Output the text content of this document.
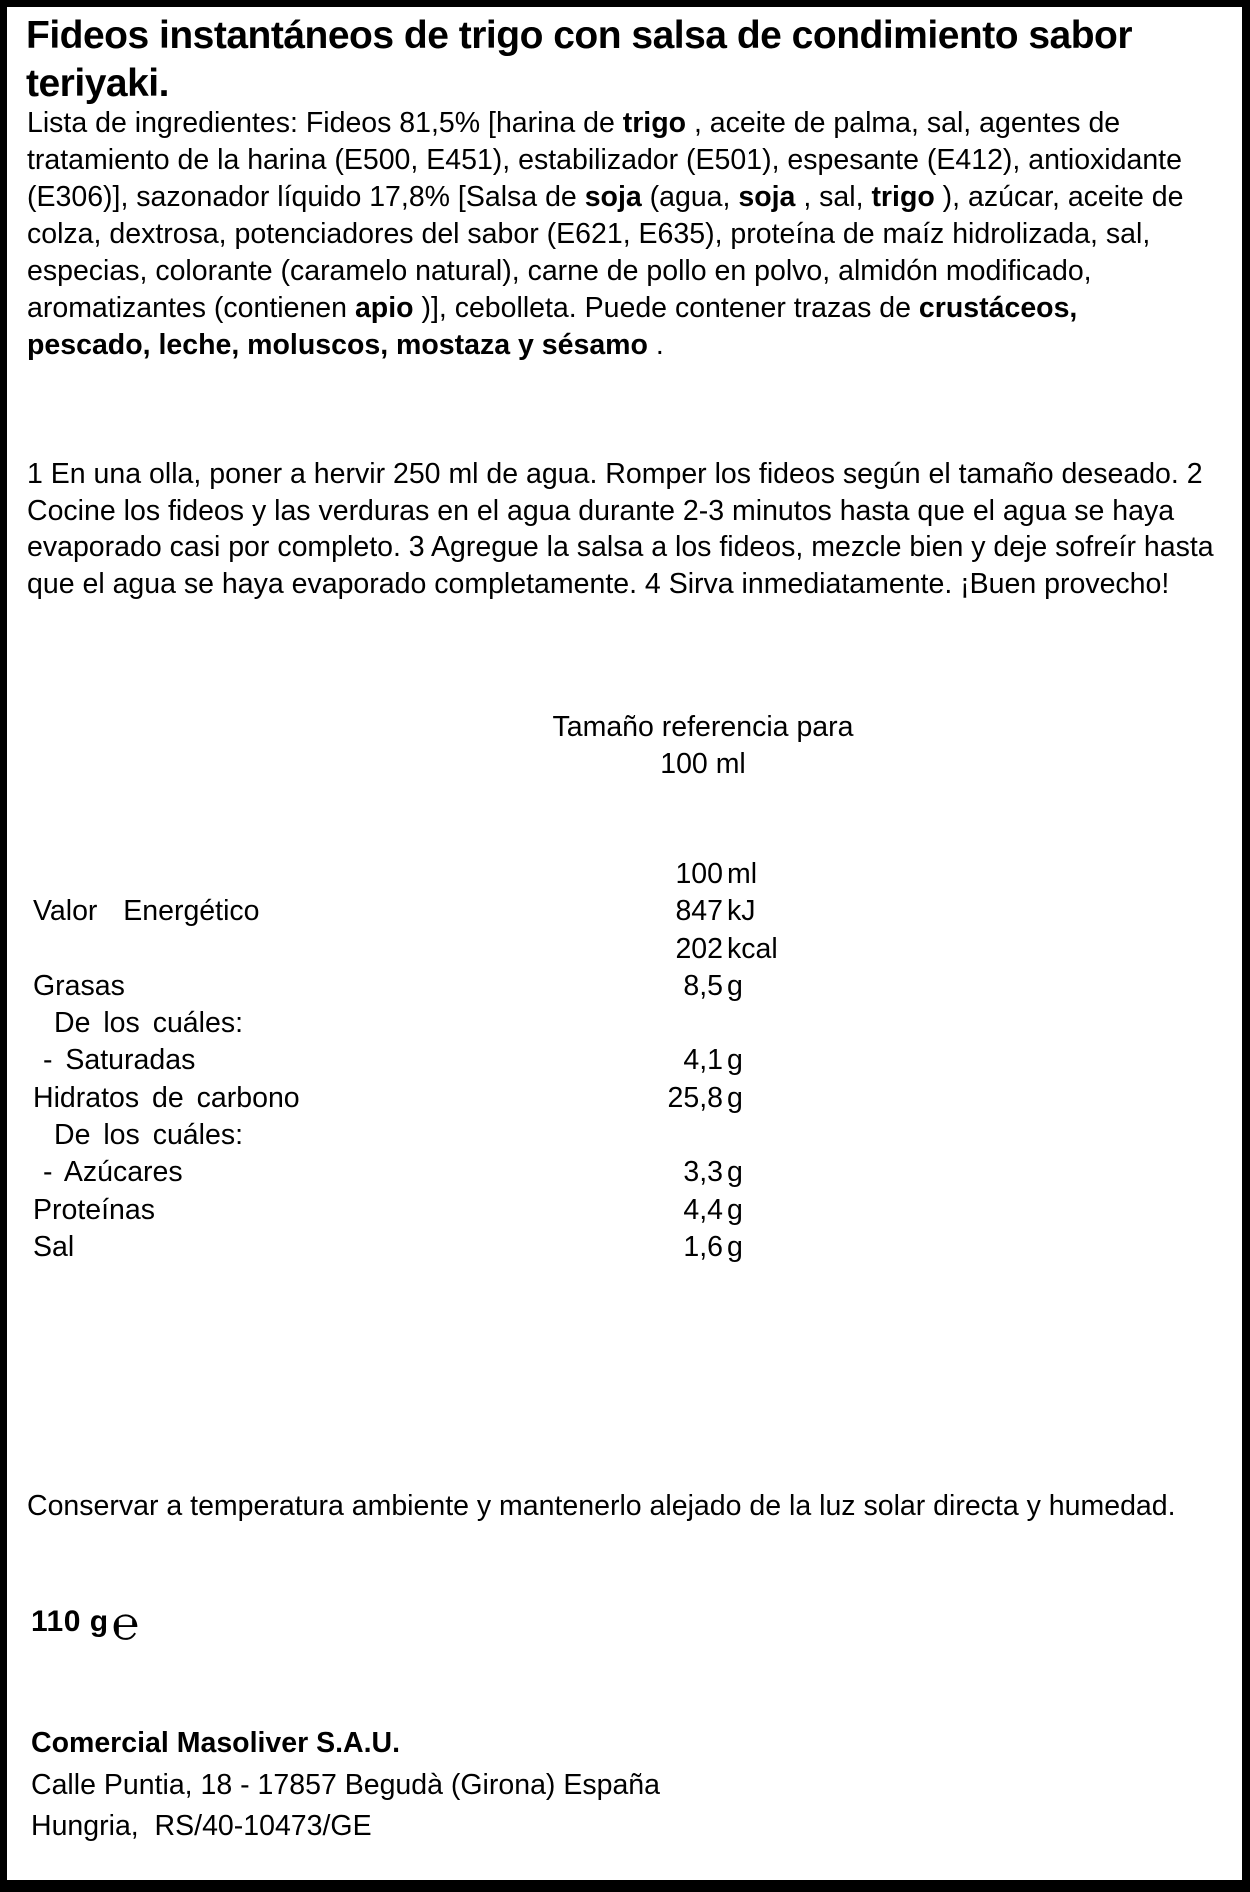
Fideos instantáneos de trigo con salsa de condimiento sabor
teriyaki.

Lista de ingredientes: Fideos 81,5% [harina de trigo , aceite de palma, sal, agentes de tratamiento de la harina (E500, E451), estabilizador (E501), espesante (E412), antioxidante (E306)], sazonador líquido 17,8% [Salsa de soja (agua, soja , sal, trigo ), azúcar, aceite de colza, dextrosa, potenciadores del sabor (E621, E635), proteína de maíz hidrolizada, sal, especias, colorante (caramelo natural), carne de pollo en polvo, almidón modificado, aromatizantes (contienen apio )], cebolleta. Puede contener trazas de crustáceos, pescado, leche, moluscos, mostaza y sésamo .

1 En una olla, poner a hervir 250 ml de agua. Romper los fideos según el tamaño deseado. 2 Cocine los fideos y las verduras en el agua durante 2-3 minutos hasta que el agua se haya evaporado casi por completo. 3 Agregue la salsa a los fideos, mezcle bien y deje sofreír hasta que el agua se haya evaporado completamente. 4 Sirva inmediatamente. ¡Buen provecho!

Tamaño referencia para
100 ml
100 ml
Valor  Energético	847 kJ
202 kcal
Grasas	8,5 g
De los cuáles:
- Saturadas	4,1 g
Hidratos de carbono	25,8 g
De los cuáles:
- Azúcares	3,3 g
Proteínas	4,4 g
Sal	1,6 g

Conservar a temperatura ambiente y mantenerlo alejado de la luz solar directa y humedad.

110 g℮
Comercial Masoliver S.A.U.
Calle Puntia, 18 - 17857 Begudà (Girona) España
Hungria,  RS/40-10473/GE
